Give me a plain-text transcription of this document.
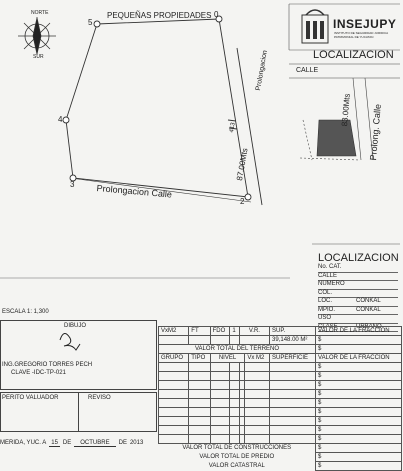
NORTE
SUR
PEQUEÑAS PROPIEDADES
Prolongacion
87.00Mts
413
Prolongacion Calle
0
2
3
4
5	INSEJUPY
INSTITUTO DE SEGURIDAD JURIDICA PATRIMONIAL DE YUCATAN
LOCALIZACION
CALLE
83.00Mts Prolong. Calle
LOCALIZACION
No. CAT.
CALLE
NUMERO
COL.
LOC.	CONKAL
MPIO.	CONKAL
USO
CLASE	URBANO
ESCALA 1: 1,300
DIBUJO
ING.GREGORIO TORRES PECH
CLAVE -IDC-TP-021
PERITO VALUADOR	REVISO
VxM2	FT	FDO	1	V.R.		SUP.	VALOR DE LA FRACCION
						39,148.00 M²	$
VALOR TOTAL DEL TERRENO							$
GRUPO	TIPO	NIVEL			Vx M2	SUPERFICIE	VALOR DE LA FRACCION
							$
							$
							$
							$
							$
							$
							$
							$
							$
VALOR TOTAL DE CONSTRUCCIONES							$
VALOR TOTAL DE PREDIO							$
VALOR CATASTRAL							$
MERIDA, YUC. A 15 DE	OCTUBRE	DE 2013
